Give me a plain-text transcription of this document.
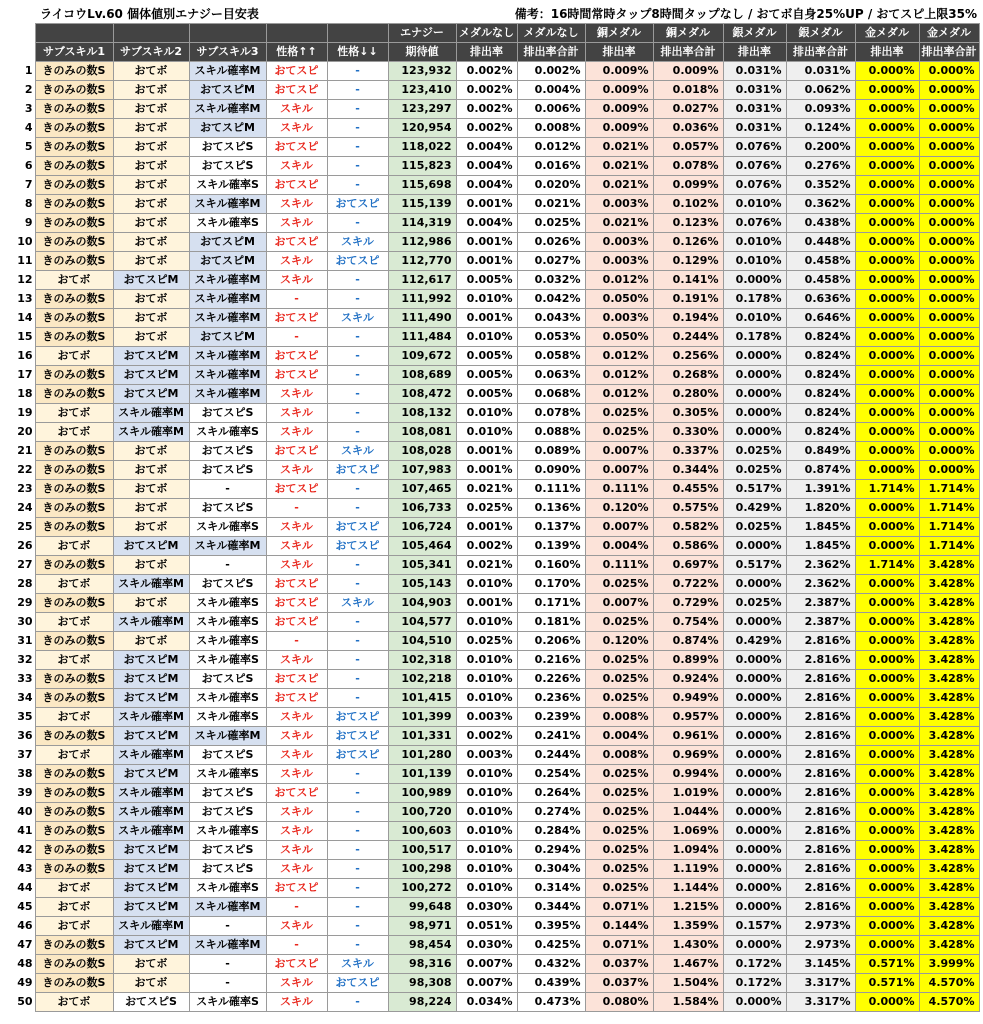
ライコウLv.60 個体値別エナジー目安表	備考：16時間常時タップ8時間タップなし / おてボ自身25%UP / おてスピ上限35%
						エナジー	メダルなし	メダルなし	銅メダル	銅メダル	銀メダル	銀メダル	金メダル	金メダル
	サブスキル1	サブスキル2	サブスキル3	性格↑↑	性格↓↓	期待値	排出率	排出率合計	排出率	排出率合計	排出率	排出率合計	排出率	排出率合計
1	きのみの数S	おてボ	スキル確率M	おてスピ	-	123,932	0.002%	0.002%	0.009%	0.009%	0.031%	0.031%	0.000%	0.000%
2	きのみの数S	おてボ	おてスピM	おてスピ	-	123,410	0.002%	0.004%	0.009%	0.018%	0.031%	0.062%	0.000%	0.000%
3	きのみの数S	おてボ	スキル確率M	スキル	-	123,297	0.002%	0.006%	0.009%	0.027%	0.031%	0.093%	0.000%	0.000%
4	きのみの数S	おてボ	おてスピM	スキル	-	120,954	0.002%	0.008%	0.009%	0.036%	0.031%	0.124%	0.000%	0.000%
5	きのみの数S	おてボ	おてスピS	おてスピ	-	118,022	0.004%	0.012%	0.021%	0.057%	0.076%	0.200%	0.000%	0.000%
6	きのみの数S	おてボ	おてスピS	スキル	-	115,823	0.004%	0.016%	0.021%	0.078%	0.076%	0.276%	0.000%	0.000%
7	きのみの数S	おてボ	スキル確率S	おてスピ	-	115,698	0.004%	0.020%	0.021%	0.099%	0.076%	0.352%	0.000%	0.000%
8	きのみの数S	おてボ	スキル確率M	スキル	おてスピ	115,139	0.001%	0.021%	0.003%	0.102%	0.010%	0.362%	0.000%	0.000%
9	きのみの数S	おてボ	スキル確率S	スキル	-	114,319	0.004%	0.025%	0.021%	0.123%	0.076%	0.438%	0.000%	0.000%
10	きのみの数S	おてボ	おてスピM	おてスピ	スキル	112,986	0.001%	0.026%	0.003%	0.126%	0.010%	0.448%	0.000%	0.000%
11	きのみの数S	おてボ	おてスピM	スキル	おてスピ	112,770	0.001%	0.027%	0.003%	0.129%	0.010%	0.458%	0.000%	0.000%
12	おてボ	おてスピM	スキル確率M	スキル	-	112,617	0.005%	0.032%	0.012%	0.141%	0.000%	0.458%	0.000%	0.000%
13	きのみの数S	おてボ	スキル確率M	-	-	111,992	0.010%	0.042%	0.050%	0.191%	0.178%	0.636%	0.000%	0.000%
14	きのみの数S	おてボ	スキル確率M	おてスピ	スキル	111,490	0.001%	0.043%	0.003%	0.194%	0.010%	0.646%	0.000%	0.000%
15	きのみの数S	おてボ	おてスピM	-	-	111,484	0.010%	0.053%	0.050%	0.244%	0.178%	0.824%	0.000%	0.000%
16	おてボ	おてスピM	スキル確率M	おてスピ	-	109,672	0.005%	0.058%	0.012%	0.256%	0.000%	0.824%	0.000%	0.000%
17	きのみの数S	おてスピM	スキル確率M	おてスピ	-	108,689	0.005%	0.063%	0.012%	0.268%	0.000%	0.824%	0.000%	0.000%
18	きのみの数S	おてスピM	スキル確率M	スキル	-	108,472	0.005%	0.068%	0.012%	0.280%	0.000%	0.824%	0.000%	0.000%
19	おてボ	スキル確率M	おてスピS	スキル	-	108,132	0.010%	0.078%	0.025%	0.305%	0.000%	0.824%	0.000%	0.000%
20	おてボ	スキル確率M	スキル確率S	スキル	-	108,081	0.010%	0.088%	0.025%	0.330%	0.000%	0.824%	0.000%	0.000%
21	きのみの数S	おてボ	おてスピS	おてスピ	スキル	108,028	0.001%	0.089%	0.007%	0.337%	0.025%	0.849%	0.000%	0.000%
22	きのみの数S	おてボ	おてスピS	スキル	おてスピ	107,983	0.001%	0.090%	0.007%	0.344%	0.025%	0.874%	0.000%	0.000%
23	きのみの数S	おてボ	-	おてスピ	-	107,465	0.021%	0.111%	0.111%	0.455%	0.517%	1.391%	1.714%	1.714%
24	きのみの数S	おてボ	おてスピS	-	-	106,733	0.025%	0.136%	0.120%	0.575%	0.429%	1.820%	0.000%	1.714%
25	きのみの数S	おてボ	スキル確率S	スキル	おてスピ	106,724	0.001%	0.137%	0.007%	0.582%	0.025%	1.845%	0.000%	1.714%
26	おてボ	おてスピM	スキル確率M	スキル	おてスピ	105,464	0.002%	0.139%	0.004%	0.586%	0.000%	1.845%	0.000%	1.714%
27	きのみの数S	おてボ	-	スキル	-	105,341	0.021%	0.160%	0.111%	0.697%	0.517%	2.362%	1.714%	3.428%
28	おてボ	スキル確率M	おてスピS	おてスピ	-	105,143	0.010%	0.170%	0.025%	0.722%	0.000%	2.362%	0.000%	3.428%
29	きのみの数S	おてボ	スキル確率S	おてスピ	スキル	104,903	0.001%	0.171%	0.007%	0.729%	0.025%	2.387%	0.000%	3.428%
30	おてボ	スキル確率M	スキル確率S	おてスピ	-	104,577	0.010%	0.181%	0.025%	0.754%	0.000%	2.387%	0.000%	3.428%
31	きのみの数S	おてボ	スキル確率S	-	-	104,510	0.025%	0.206%	0.120%	0.874%	0.429%	2.816%	0.000%	3.428%
32	おてボ	おてスピM	スキル確率S	スキル	-	102,318	0.010%	0.216%	0.025%	0.899%	0.000%	2.816%	0.000%	3.428%
33	きのみの数S	おてスピM	おてスピS	おてスピ	-	102,218	0.010%	0.226%	0.025%	0.924%	0.000%	2.816%	0.000%	3.428%
34	きのみの数S	おてスピM	スキル確率S	おてスピ	-	101,415	0.010%	0.236%	0.025%	0.949%	0.000%	2.816%	0.000%	3.428%
35	おてボ	スキル確率M	スキル確率S	スキル	おてスピ	101,399	0.003%	0.239%	0.008%	0.957%	0.000%	2.816%	0.000%	3.428%
36	きのみの数S	おてスピM	スキル確率M	スキル	おてスピ	101,331	0.002%	0.241%	0.004%	0.961%	0.000%	2.816%	0.000%	3.428%
37	おてボ	スキル確率M	おてスピS	スキル	おてスピ	101,280	0.003%	0.244%	0.008%	0.969%	0.000%	2.816%	0.000%	3.428%
38	きのみの数S	おてスピM	スキル確率S	スキル	-	101,139	0.010%	0.254%	0.025%	0.994%	0.000%	2.816%	0.000%	3.428%
39	きのみの数S	スキル確率M	おてスピS	おてスピ	-	100,989	0.010%	0.264%	0.025%	1.019%	0.000%	2.816%	0.000%	3.428%
40	きのみの数S	スキル確率M	おてスピS	スキル	-	100,720	0.010%	0.274%	0.025%	1.044%	0.000%	2.816%	0.000%	3.428%
41	きのみの数S	スキル確率M	スキル確率S	スキル	-	100,603	0.010%	0.284%	0.025%	1.069%	0.000%	2.816%	0.000%	3.428%
42	きのみの数S	おてスピM	おてスピS	スキル	-	100,517	0.010%	0.294%	0.025%	1.094%	0.000%	2.816%	0.000%	3.428%
43	きのみの数S	おてスピM	おてスピS	スキル	-	100,298	0.010%	0.304%	0.025%	1.119%	0.000%	2.816%	0.000%	3.428%
44	おてボ	おてスピM	スキル確率S	おてスピ	-	100,272	0.010%	0.314%	0.025%	1.144%	0.000%	2.816%	0.000%	3.428%
45	おてボ	おてスピM	スキル確率M	-	-	99,648	0.030%	0.344%	0.071%	1.215%	0.000%	2.816%	0.000%	3.428%
46	おてボ	スキル確率M	-	スキル	-	98,971	0.051%	0.395%	0.144%	1.359%	0.157%	2.973%	0.000%	3.428%
47	きのみの数S	おてスピM	スキル確率M	-	-	98,454	0.030%	0.425%	0.071%	1.430%	0.000%	2.973%	0.000%	3.428%
48	きのみの数S	おてボ	-	おてスピ	スキル	98,316	0.007%	0.432%	0.037%	1.467%	0.172%	3.145%	0.571%	3.999%
49	きのみの数S	おてボ	-	スキル	おてスピ	98,308	0.007%	0.439%	0.037%	1.504%	0.172%	3.317%	0.571%	4.570%
50	おてボ	おてスピS	スキル確率S	スキル	-	98,224	0.034%	0.473%	0.080%	1.584%	0.000%	3.317%	0.000%	4.570%
